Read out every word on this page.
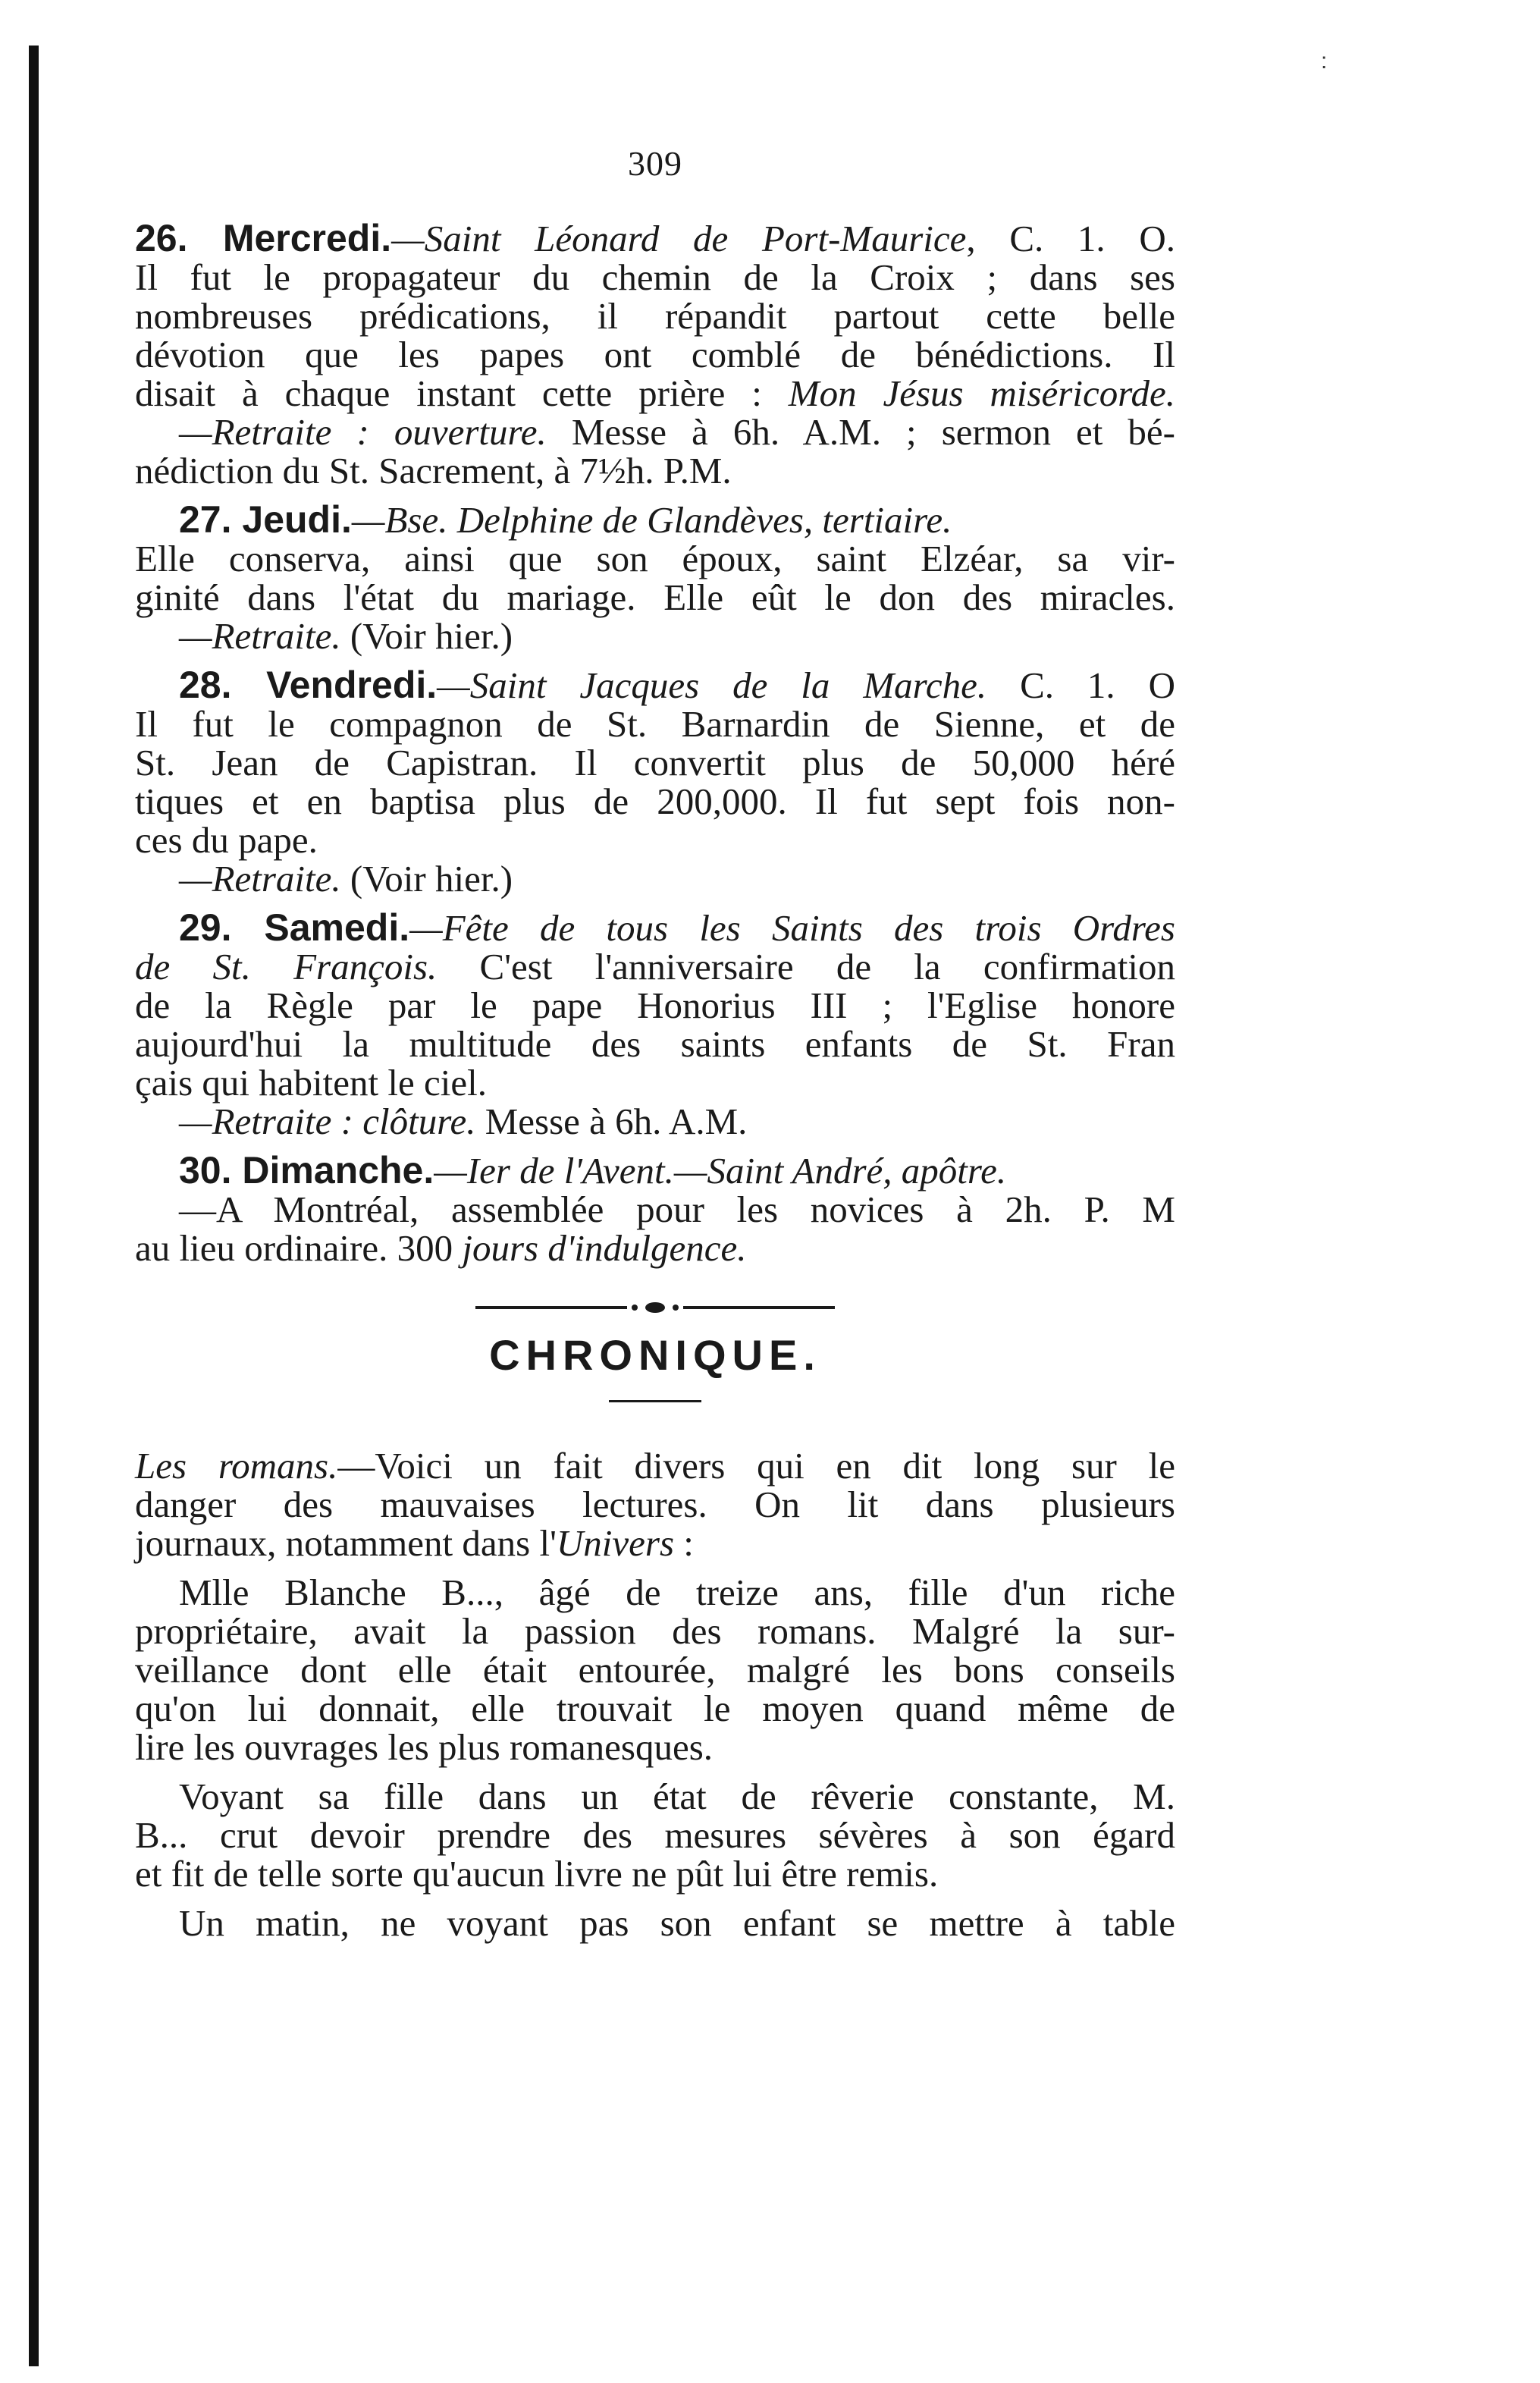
:
309
26. Mercredi.—Saint Léonard de Port-Maurice, C. 1. O.
Il fut le propagateur du chemin de la Croix ; dans ses
nombreuses prédications, il répandit partout cette belle
dévotion que les papes ont comblé de bénédictions. Il
disait à chaque instant cette prière : Mon Jésus miséricorde.
—Retraite : ouverture. Messe à 6h. A.M. ; sermon et bé-
nédiction du St. Sacrement, à 7½h. P.M.
27. Jeudi.—Bse. Delphine de Glandèves, tertiaire.
Elle conserva, ainsi que son époux, saint Elzéar, sa vir-
ginité dans l'état du mariage. Elle eût le don des miracles.
—Retraite. (Voir hier.)
28. Vendredi.—Saint Jacques de la Marche. C. 1. O
Il fut le compagnon de St. Barnardin de Sienne, et de
St. Jean de Capistran. Il convertit plus de 50,000 héré
tiques et en baptisa plus de 200,000. Il fut sept fois non-
ces du pape.
—Retraite. (Voir hier.)
29. Samedi.—Fête de tous les Saints des trois Ordres
de St. François. C'est l'anniversaire de la confirmation
de la Règle par le pape Honorius III ; l'Eglise honore
aujourd'hui la multitude des saints enfants de St. Fran
çais qui habitent le ciel.
—Retraite : clôture. Messe à 6h. A.M.
30. Dimanche.—Ier de l'Avent.—Saint André, apôtre.
—A Montréal, assemblée pour les novices à 2h. P. M
au lieu ordinaire. 300 jours d'indulgence.
CHRONIQUE.
Les romans.—Voici un fait divers qui en dit long sur le
danger des mauvaises lectures. On lit dans plusieurs
journaux, notamment dans l'Univers :
Mlle Blanche B..., âgé de treize ans, fille d'un riche
propriétaire, avait la passion des romans. Malgré la sur-
veillance dont elle était entourée, malgré les bons conseils
qu'on lui donnait, elle trouvait le moyen quand même de
lire les ouvrages les plus romanesques.
Voyant sa fille dans un état de rêverie constante, M.
B... crut devoir prendre des mesures sévères à son égard
et fit de telle sorte qu'aucun livre ne pût lui être remis.
Un matin, ne voyant pas son enfant se mettre à table
